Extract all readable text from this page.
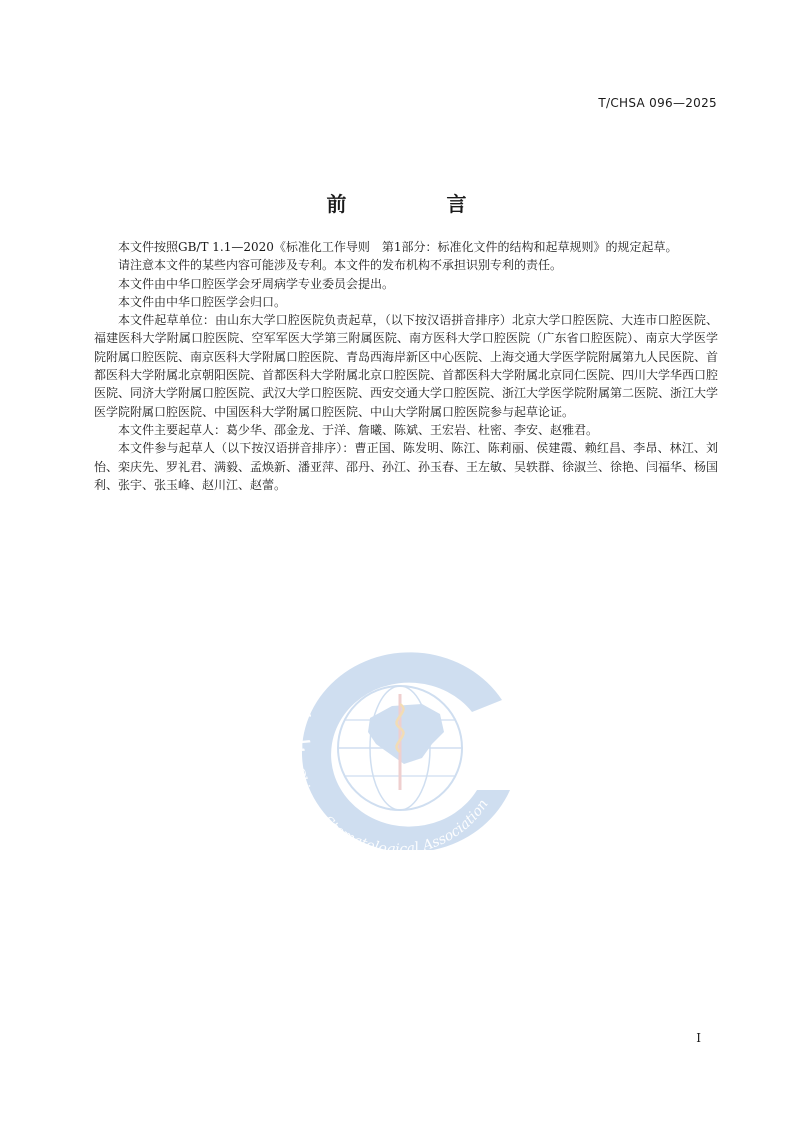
T/CHSA 096—2025
前　言

本文件按照GB/T 1.1—2020《标准化工作导则　第1部分：标准化文件的结构和起草规则》的规定起草。

请注意本文件的某些内容可能涉及专利。本文件的发布机构不承担识别专利的责任。

本文件由中华口腔医学会牙周病学专业委员会提出。

本文件由中华口腔医学会归口。

本文件起草单位：由山东大学口腔医院负责起草，（以下按汉语拼音排序）北京大学口腔医院、大连市口腔医院、福建医科大学附属口腔医院、空军军医大学第三附属医院、南方医科大学口腔医院（广东省口腔医院）、南京大学医学院附属口腔医院、南京医科大学附属口腔医院、青岛西海岸新区中心医院、上海交通大学医学院附属第九人民医院、首都医科大学附属北京朝阳医院、首都医科大学附属北京口腔医院、首都医科大学附属北京同仁医院、四川大学华西口腔医院、同济大学附属口腔医院、武汉大学口腔医院、西安交通大学口腔医院、浙江大学医学院附属第二医院、浙江大学医学院附属口腔医院、中国医科大学附属口腔医院、中山大学附属口腔医院参与起草论证。

本文件主要起草人：葛少华、邵金龙、于洋、詹曦、陈斌、王宏岩、杜密、李安、赵雅君。

本文件参与起草人（以下按汉语拼音排序）：曹正国、陈发明、陈江、陈莉丽、侯建霞、赖红昌、李昂、林江、刘怡、栾庆先、罗礼君、满毅、孟焕新、潘亚萍、邵丹、孙江、孙玉春、王左敏、吴轶群、徐淑兰、徐艳、闫福华、杨国利、张宇、张玉峰、赵川江、赵蕾。

中华口腔医
Chinese Stomatological Association
I
